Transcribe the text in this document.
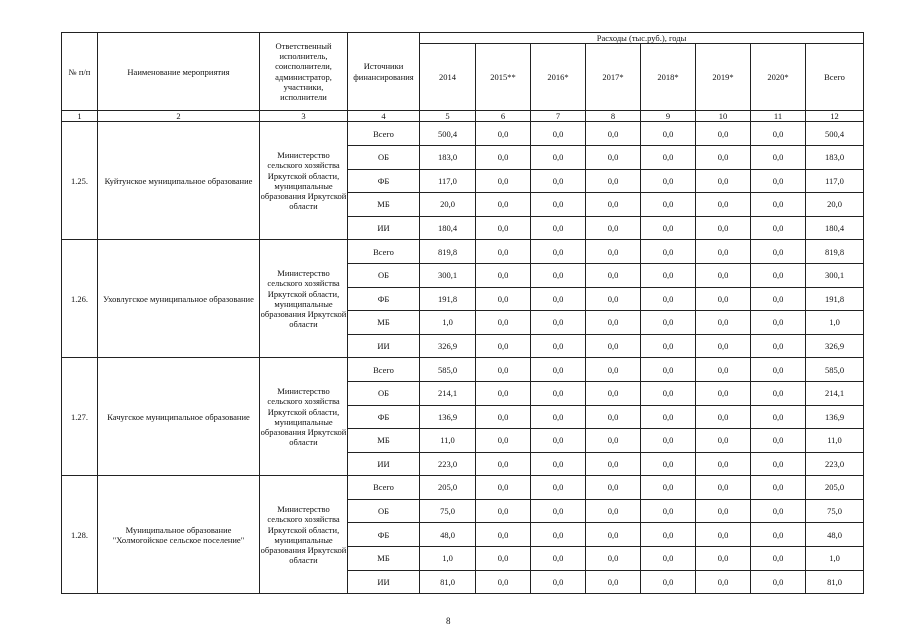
№ п/п	Наименование мероприятия	Ответственный исполнитель, соисполнители, администратор, участники, исполнители	Источники финансирования	Расходы (тыс.руб.), годы							
				2014	2015**	2016*	2017*	2018*	2019*	2020*	Всего
1	2	3	4	5	6	7	8	9	10	11	12
1.25.	Куйтунское муниципальное образование	Министерство сельского хозяйства Иркутской области, муниципальные образования Иркутской области	Всего	500,4	0,0	0,0	0,0	0,0	0,0	0,0	500,4
			ОБ	183,0	0,0	0,0	0,0	0,0	0,0	0,0	183,0
			ФБ	117,0	0,0	0,0	0,0	0,0	0,0	0,0	117,0
			МБ	20,0	0,0	0,0	0,0	0,0	0,0	0,0	20,0
			ИИ	180,4	0,0	0,0	0,0	0,0	0,0	0,0	180,4
1.26.	Уховлугское муниципальное образование	Министерство сельского хозяйства Иркутской области, муниципальные образования Иркутской области	Всего	819,8	0,0	0,0	0,0	0,0	0,0	0,0	819,8
			ОБ	300,1	0,0	0,0	0,0	0,0	0,0	0,0	300,1
			ФБ	191,8	0,0	0,0	0,0	0,0	0,0	0,0	191,8
			МБ	1,0	0,0	0,0	0,0	0,0	0,0	0,0	1,0
			ИИ	326,9	0,0	0,0	0,0	0,0	0,0	0,0	326,9
1.27.	Качугское муниципальное образование	Министерство сельского хозяйства Иркутской области, муниципальные образования Иркутской области	Всего	585,0	0,0	0,0	0,0	0,0	0,0	0,0	585,0
			ОБ	214,1	0,0	0,0	0,0	0,0	0,0	0,0	214,1
			ФБ	136,9	0,0	0,0	0,0	0,0	0,0	0,0	136,9
			МБ	11,0	0,0	0,0	0,0	0,0	0,0	0,0	11,0
			ИИ	223,0	0,0	0,0	0,0	0,0	0,0	0,0	223,0
1.28.	Муниципальное образование "Холмогойское сельское поселение"	Министерство сельского хозяйства Иркутской области, муниципальные образования Иркутской области	Всего	205,0	0,0	0,0	0,0	0,0	0,0	0,0	205,0
			ОБ	75,0	0,0	0,0	0,0	0,0	0,0	0,0	75,0
			ФБ	48,0	0,0	0,0	0,0	0,0	0,0	0,0	48,0
			МБ	1,0	0,0	0,0	0,0	0,0	0,0	0,0	1,0
			ИИ	81,0	0,0	0,0	0,0	0,0	0,0	0,0	81,0
8
